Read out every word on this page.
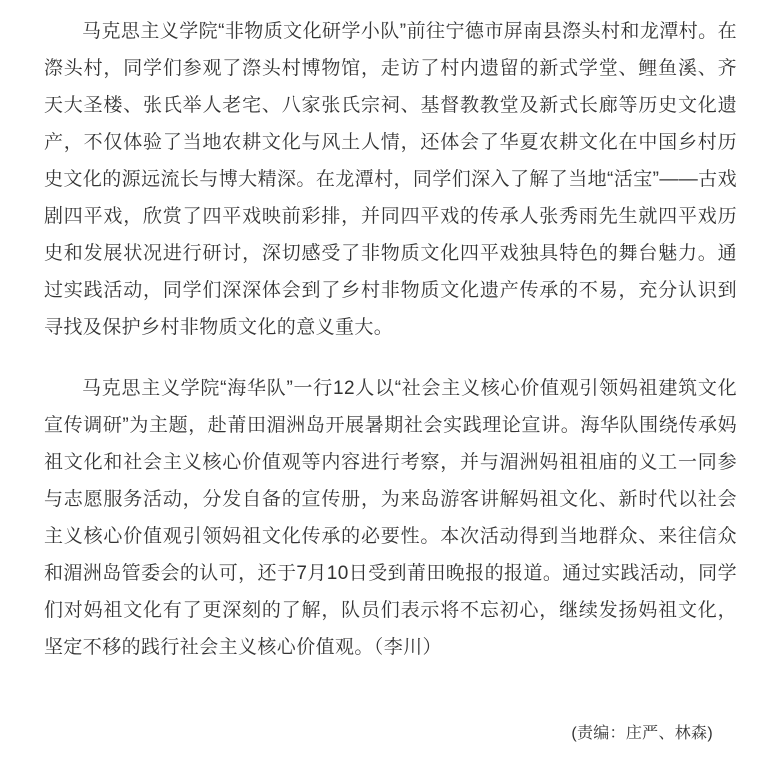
马克思主义学院“非物质文化研学小队”前往宁德市屏南县漈头村和龙潭村。在漈头村，同学们参观了漈头村博物馆，走访了村内遗留的新式学堂、鲤鱼溪、齐天大圣楼、张氏举人老宅、八家张氏宗祠、基督教教堂及新式长廊等历史文化遗产，不仅体验了当地农耕文化与风土人情，还体会了华夏农耕文化在中国乡村历史文化的源远流长与博大精深。在龙潭村，同学们深入了解了当地“活宝”——古戏剧四平戏，欣赏了四平戏映前彩排，并同四平戏的传承人张秀雨先生就四平戏历史和发展状况进行研讨，深切感受了非物质文化四平戏独具特色的舞台魅力。通过实践活动，同学们深深体会到了乡村非物质文化遗产传承的不易，充分认识到寻找及保护乡村非物质文化的意义重大。

马克思主义学院“海华队”一行12人以“社会主义核心价值观引领妈祖建筑文化宣传调研”为主题，赴莆田湄洲岛开展暑期社会实践理论宣讲。海华队围绕传承妈祖文化和社会主义核心价值观等内容进行考察，并与湄洲妈祖祖庙的义工一同参与志愿服务活动，分发自备的宣传册，为来岛游客讲解妈祖文化、新时代以社会主义核心价值观引领妈祖文化传承的必要性。本次活动得到当地群众、来往信众和湄洲岛管委会的认可，还于7月10日受到莆田晚报的报道。通过实践活动，同学们对妈祖文化有了更深刻的了解，队员们表示将不忘初心，继续发扬妈祖文化，坚定不移的践行社会主义核心价值观。（李川）

(责编：庄严、林森)
